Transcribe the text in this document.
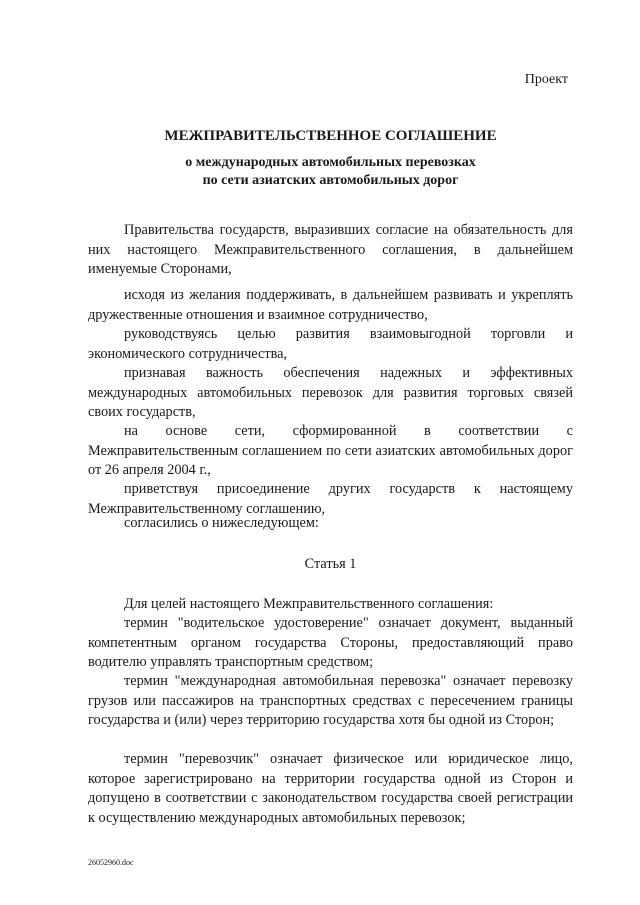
Проект

МЕЖПРАВИТЕЛЬСТВЕННОЕ СОГЛАШЕНИЕ

о международных автомобильных перевозках

по сети азиатских автомобильных дорог

Правительства государств, выразивших согласие на обязательность для них настоящего Межправительственного соглашения, в дальнейшем именуемые Сторонами,

исходя из желания поддерживать, в дальнейшем развивать и укреплять дружественные отношения и взаимное сотрудничество,

руководствуясь целью развития взаимовыгодной торговли и экономического сотрудничества,

признавая важность обеспечения надежных и эффективных международных автомобильных перевозок для развития торговых связей своих государств,

на основе сети, сформированной в соответствии с Межправительственным соглашением по сети азиатских автомобильных дорог от 26 апреля 2004 г.,

приветствуя присоединение других государств к настоящему Межправительственному соглашению,

согласились о нижеследующем:

Статья 1

Для целей настоящего Межправительственного соглашения:

термин "водительское удостоверение" означает документ, выданный компетентным органом государства Стороны, предоставляющий право водителю управлять транспортным средством;

термин "международная автомобильная перевозка" означает перевозку грузов или пассажиров на транспортных средствах с пересечением границы государства и (или) через территорию государства хотя бы одной из Сторон;

термин "перевозчик" означает физическое или юридическое лицо, которое зарегистрировано на территории государства одной из Сторон и допущено в соответствии с законодательством государства своей регистрации к осуществлению международных автомобильных перевозок;

26052960.doc
